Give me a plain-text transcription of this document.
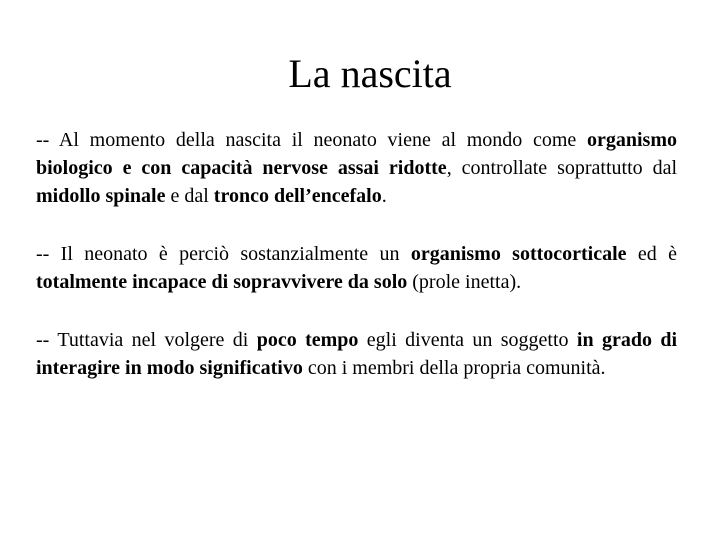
La nascita

-- Al momento della nascita il neonato viene al mondo come organismo biologico e con capacità nervose assai ridotte, controllate soprattutto dal midollo spinale e dal tronco dell’encefalo.

-- Il neonato è perciò sostanzialmente un organismo sottocorticale ed è totalmente incapace di sopravvivere da solo (prole inetta).

-- Tuttavia nel volgere di poco tempo egli diventa un soggetto in grado di interagire in modo significativo con i membri della propria comunità.
